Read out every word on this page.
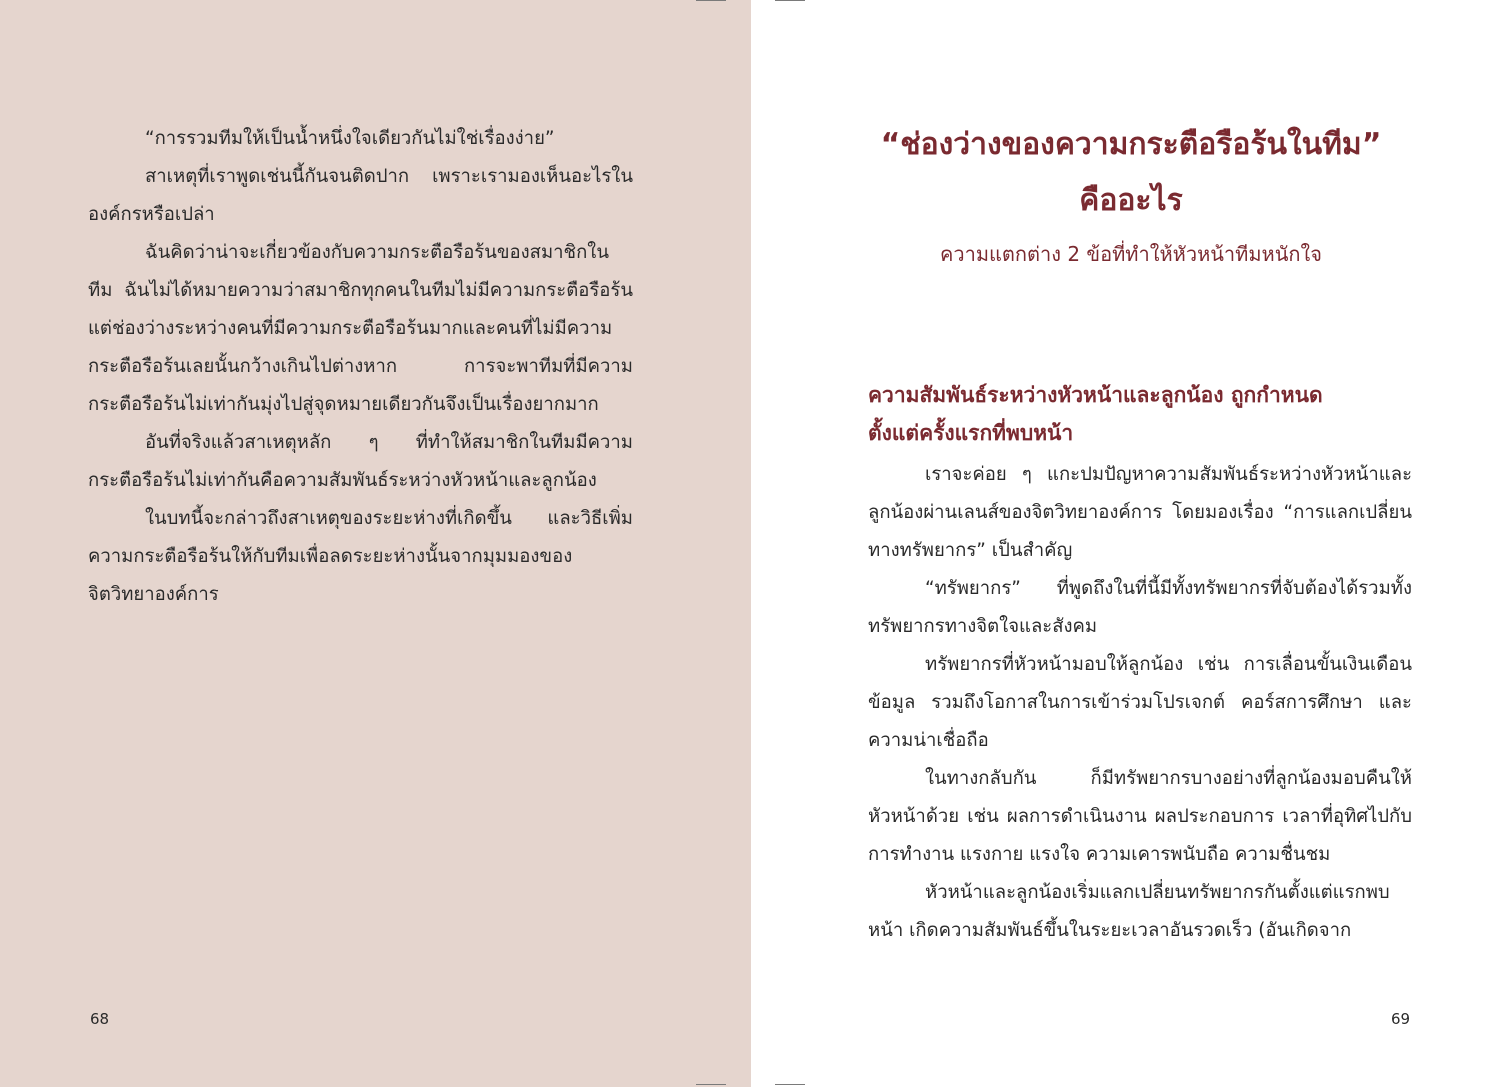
“การรวมทีมให้เป็นน้ำหนึ่งใจเดียวกันไม่ใช่เรื่องง่าย”

สาเหตุที่เราพูดเช่นนี้กันจนติดปาก เพราะเรามองเห็นอะไรในองค์กรหรือเปล่า

ฉันคิดว่าน่าจะเกี่ยวข้องกับความกระตือรือร้นของสมาชิกในทีม ฉันไม่ได้หมายความว่าสมาชิกทุกคนในทีมไม่มีความกระตือรือร้น แต่ช่องว่างระหว่างคนที่มีความกระตือรือร้นมากและคนที่ไม่มีความกระตือรือร้นเลยนั้นกว้างเกินไปต่างหาก การจะพาทีมที่มีความกระตือรือร้นไม่เท่ากันมุ่งไปสู่จุดหมายเดียวกันจึงเป็นเรื่องยากมาก

อันที่จริงแล้วสาเหตุหลัก ๆ ที่ทำให้สมาชิกในทีมมีความกระตือรือร้นไม่เท่ากันคือความสัมพันธ์ระหว่างหัวหน้าและลูกน้อง

ในบทนี้จะกล่าวถึงสาเหตุของระยะห่างที่เกิดขึ้น และวิธีเพิ่มความกระตือรือร้นให้กับทีมเพื่อลดระยะห่างนั้นจากมุมมองของจิตวิทยาองค์การ

68
“ช่องว่างของความกระตือรือร้นในทีม”
คืออะไร
ความแตกต่าง 2 ข้อที่ทำให้หัวหน้าทีมหนักใจ
ความสัมพันธ์ระหว่างหัวหน้าและลูกน้อง ถูกกำหนด
ตั้งแต่ครั้งแรกที่พบหน้า

เราจะค่อย ๆ แกะปมปัญหาความสัมพันธ์ระหว่างหัวหน้าและลูกน้องผ่านเลนส์ของจิตวิทยาองค์การ โดยมองเรื่อง “การแลกเปลี่ยนทางทรัพยากร” เป็นสำคัญ

“ทรัพยากร” ที่พูดถึงในที่นี้มีทั้งทรัพยากรที่จับต้องได้รวมทั้งทรัพยากรทางจิตใจและสังคม

ทรัพยากรที่หัวหน้ามอบให้ลูกน้อง เช่น การเลื่อนขั้นเงินเดือน ข้อมูล รวมถึงโอกาสในการเข้าร่วมโปรเจกต์ คอร์สการศึกษา และความน่าเชื่อถือ

ในทางกลับกัน ก็มีทรัพยากรบางอย่างที่ลูกน้องมอบคืนให้หัวหน้าด้วย เช่น ผลการดำเนินงาน ผลประกอบการ เวลาที่อุทิศไปกับการทำงาน แรงกาย แรงใจ ความเคารพนับถือ ความชื่นชม

หัวหน้าและลูกน้องเริ่มแลกเปลี่ยนทรัพยากรกันตั้งแต่แรกพบหน้า เกิดความสัมพันธ์ขึ้นในระยะเวลาอันรวดเร็ว (อันเกิดจาก

69
